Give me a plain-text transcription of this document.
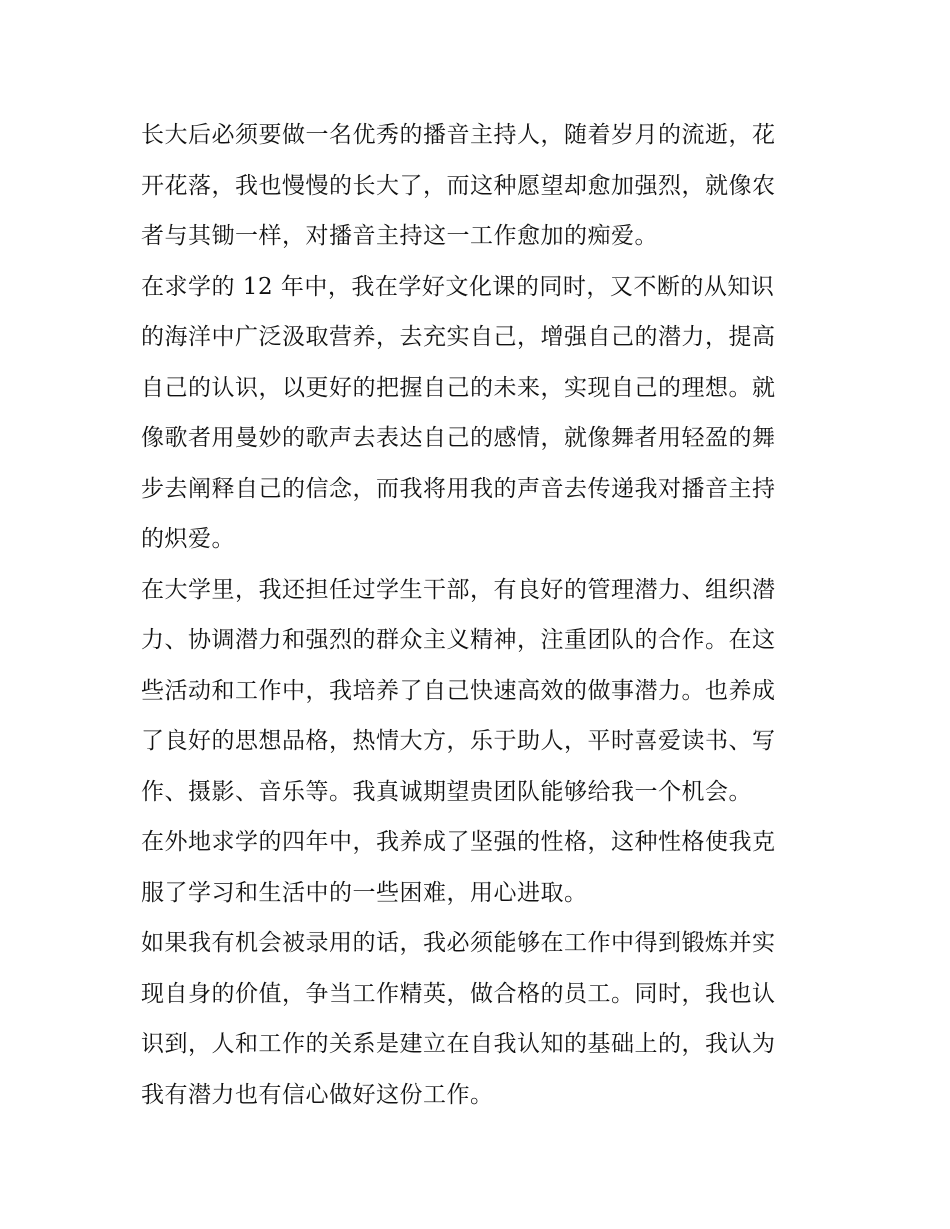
长大后必须要做一名优秀的播音主持人，随着岁月的流逝，花
开花落，我也慢慢的长大了，而这种愿望却愈加强烈，就像农
者与其锄一样，对播音主持这一工作愈加的痴爱。
在求学的 12 年中，我在学好文化课的同时，又不断的从知识
的海洋中广泛汲取营养，去充实自己，增强自己的潜力，提高
自己的认识，以更好的把握自己的未来，实现自己的理想。就
像歌者用曼妙的歌声去表达自己的感情，就像舞者用轻盈的舞
步去阐释自己的信念，而我将用我的声音去传递我对播音主持
的炽爱。
在大学里，我还担任过学生干部，有良好的管理潜力、组织潜
力、协调潜力和强烈的群众主义精神，注重团队的合作。在这
些活动和工作中，我培养了自己快速高效的做事潜力。也养成
了良好的思想品格，热情大方，乐于助人，平时喜爱读书、写
作、摄影、音乐等。我真诚期望贵团队能够给我一个机会。
在外地求学的四年中，我养成了坚强的性格，这种性格使我克
服了学习和生活中的一些困难，用心进取。
如果我有机会被录用的话，我必须能够在工作中得到锻炼并实
现自身的价值，争当工作精英，做合格的员工。同时，我也认
识到，人和工作的关系是建立在自我认知的基础上的，我认为
我有潜力也有信心做好这份工作。
